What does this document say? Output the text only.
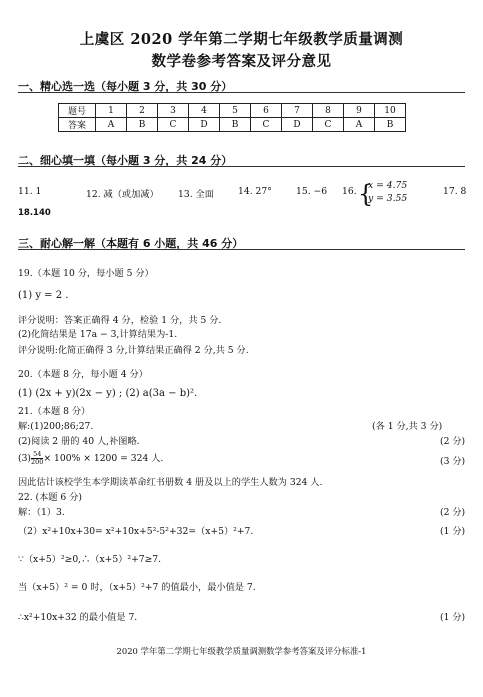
上虞区 2020 学年第二学期七年级教学质量调测
数学卷参考答案及评分意见
一、精心选一选（每小题 3 分，共 30 分）
题号	1	2	3	4	5	6	7	8	9	10
答案	A	B	C	D	B	C	D	C	A	B
二、细心填一填（每小题 3 分，共 24 分）
11. 1	12. 减（或加减） 13. 全面	14. 27°	15. −6 16. {
x = 4.75
y = 3.55
17. 8
18.140
三、耐心解一解（本题有 6 小题，共 46 分）
19.（本题 10 分，每小题 5 分）
(1) y = 2 .
评分说明：答案正确得 4 分，检验 1 分，共 5 分.
(2)化简结果是 17a − 3,计算结果为-1.
评分说明:化简正确得 3 分,计算结果正确得 2 分,共 5 分.
20.（本题 8 分，每小题 4 分）
(1) (2x + y)(2x − y) ; (2) a(3a − b)².
21.（本题 8 分）
解:(1)200;86;27.	(各 1 分,共 3 分)
(2)阅读 2 册的 40 人,补图略.	(2 分)
$(3) \frac{54}{200} \times 100\% \times 1200 = 324$ 人.	(3 分)
因此估计该校学生本学期读革命红书册数 4 册及以上的学生人数为 324 人.
22. (本题 6 分)
解：（1）3.	(2 分)
（2）x²+10x+30= x²+10x+5²-5²+32=（x+5）²+7.	(1 分)
∵（x+5）²≥0,∴（x+5）²+7≥7.
当（x+5）² = 0 时，（x+5）²+7 的值最小，最小值是 7.
∴x²+10x+32 的最小值是 7.	(1 分)
2020 学年第二学期七年级教学质量调测数学参考答案及评分标准-1
